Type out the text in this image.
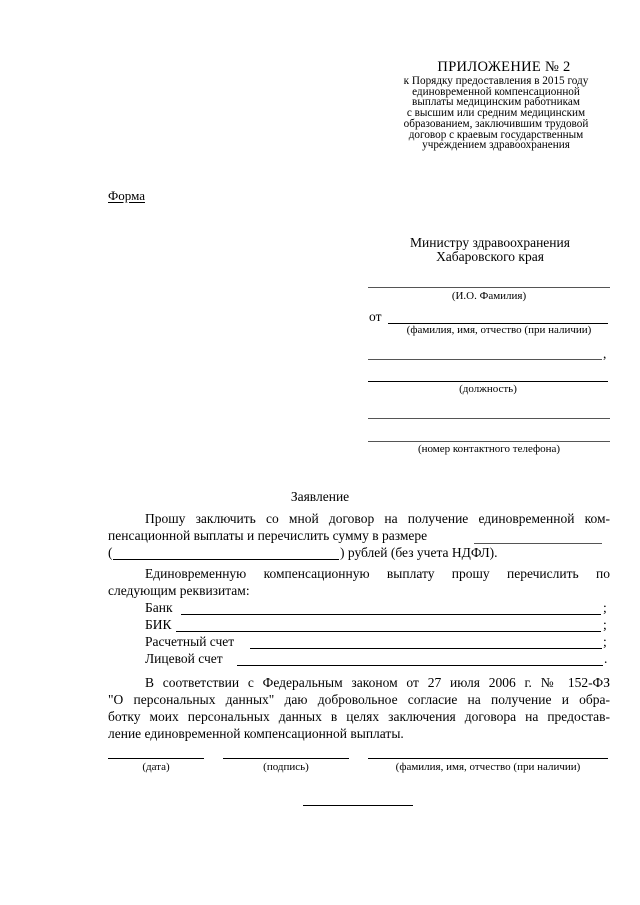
ПРИЛОЖЕНИЕ № 2
к Порядку предоставления в 2015 году
единовременной компенсационной
выплаты медицинским работникам
с высшим или средним медицинским
образованием, заключившим трудовой
договор с краевым государственным
учреждением здравоохранения
Форма
Министру здравоохранения
Хабаровского края
(И.О. Фамилия)
от
(фамилия, имя, отчество (при наличии)
,
(должность)
(номер контактного телефона)
Заявление
Прошу заключить со мной договор на получение единовременной ком-
пенсационной выплаты и перечислить сумму в размере
(	) рублей (без учета НДФЛ).
Единовременную компенсационную выплату прошу перечислить по
следующим реквизитам:
Банк	;
БИК	;
Расчетный счет	;
Лицевой счет	.
В соответствии с Федеральным законом от 27 июля 2006 г. № 152-ФЗ
"О персональных данных" даю добровольное согласие на получение и обра-
ботку моих персональных данных в целях заключения договора на предостав-
ление единовременной компенсационной выплаты.
(дата)	(подпись)	(фамилия, имя, отчество (при наличии)
